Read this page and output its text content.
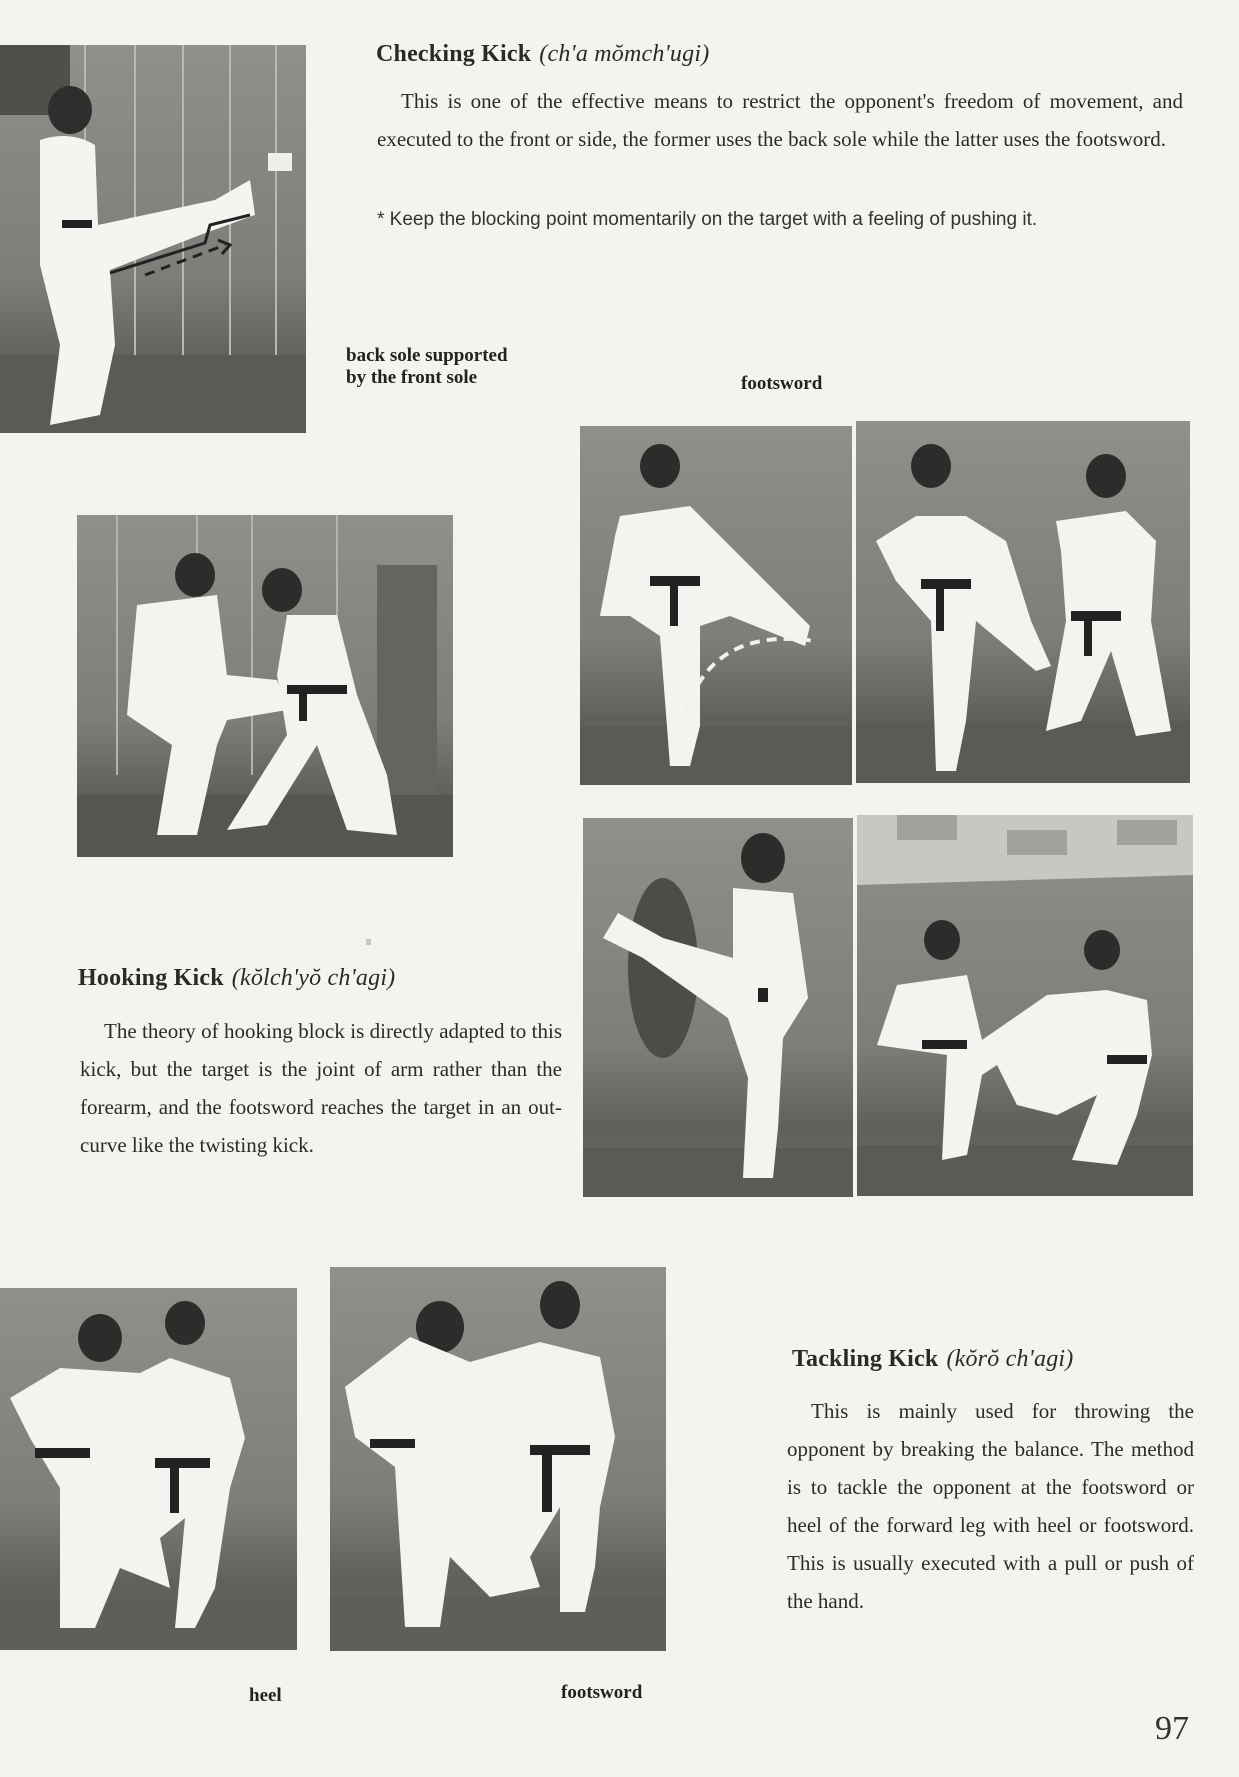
back sole supported
by the front sole	footsword
Checking Kick (ch'a mŏmch'ugi)
This is one of the effective means to restrict the opponent's freedom of movement, and executed to the front or side, the former uses the back sole while the latter uses the footsword.
* Keep the blocking point momentarily on the target with a feeling of pushing it.
Hooking Kick (kŏlch'yŏ ch'agi)
The theory of hooking block is directly adapted to this kick, but the target is the joint of arm rather than the forearm, and the footsword reaches the target in an out-curve like the twisting kick.
heel	footsword
Tackling Kick (kŏrŏ ch'agi)
This is mainly used for throwing the opponent by breaking the balance. The method is to tackle the opponent at the footsword or heel of the forward leg with heel or footsword. This is usually executed with a pull or push of the hand.
97
